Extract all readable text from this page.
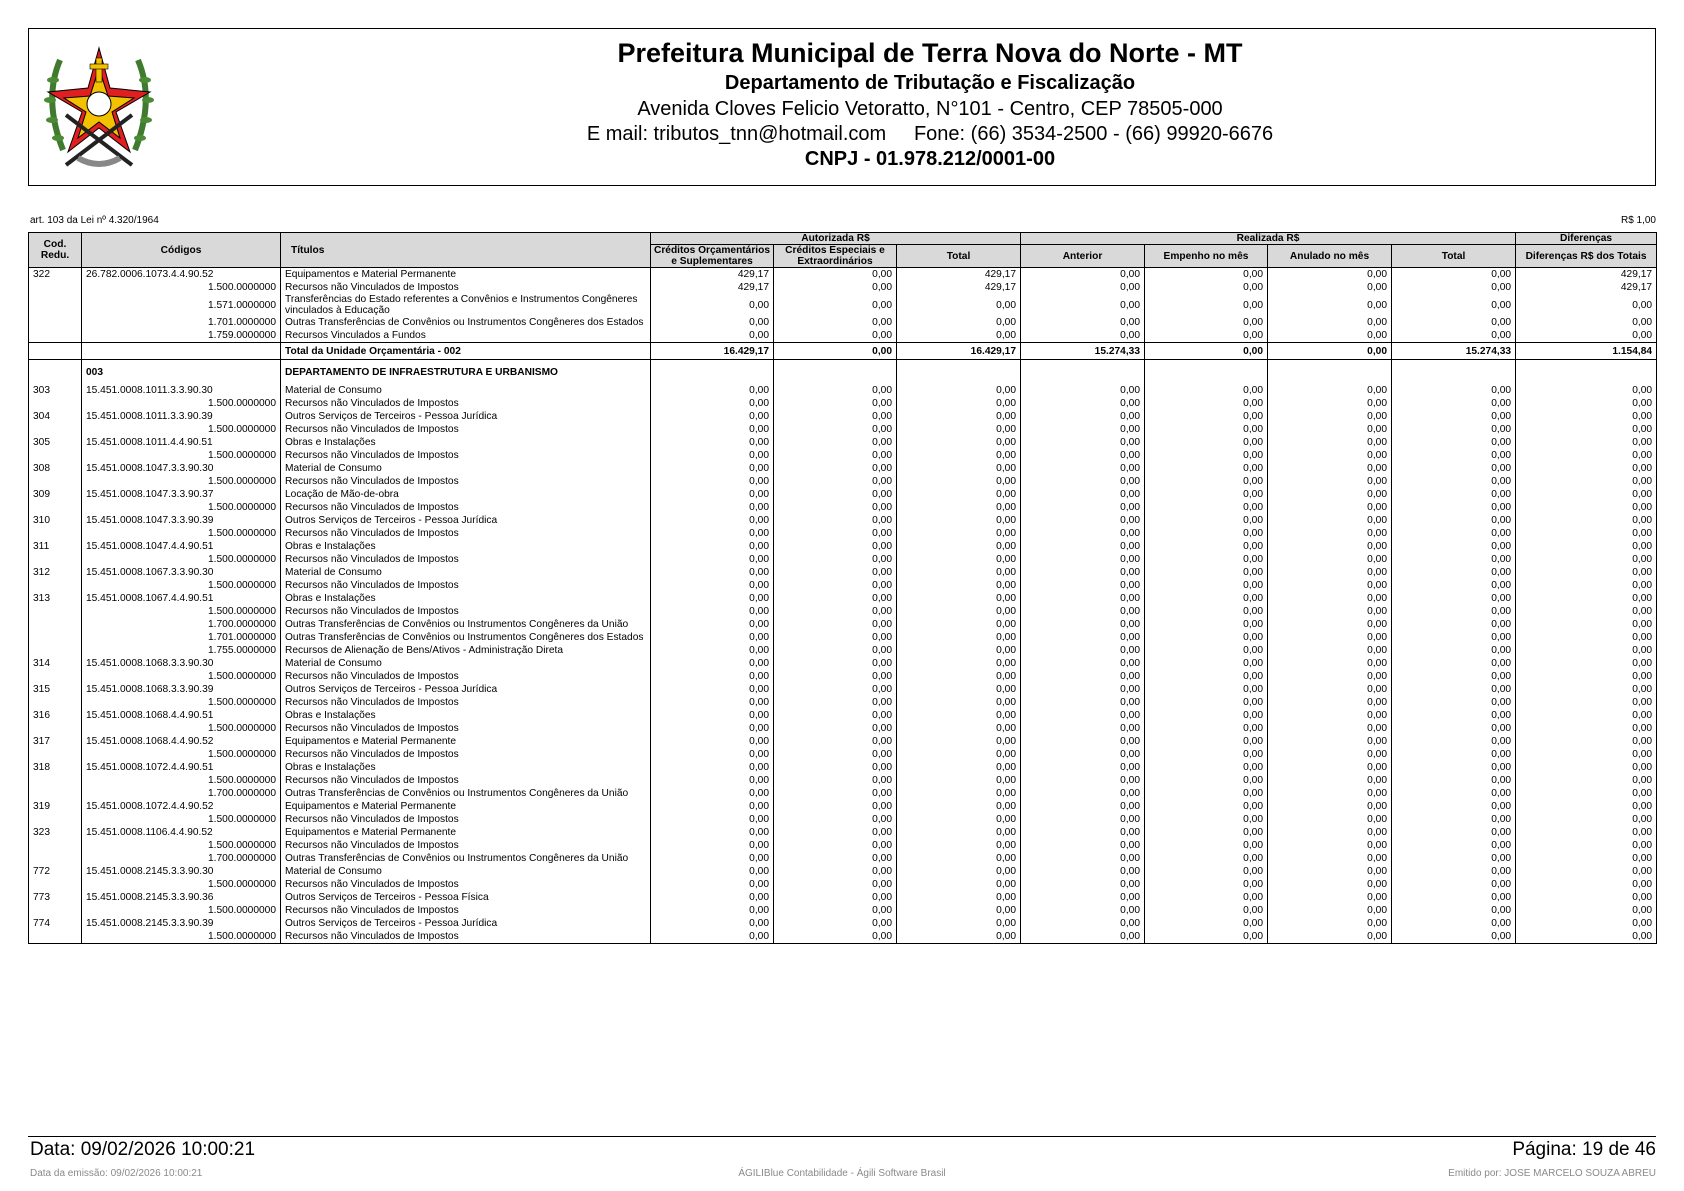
Prefeitura Municipal de Terra Nova do Norte - MT
Departamento de Tributação e Fiscalização
Avenida Cloves Felicio Vetoratto, N°101 - Centro, CEP 78505-000
E mail: tributos_tnn@hotmail.com     Fone: (66) 3534-2500 - (66) 99920-6676
CNPJ - 01.978.212/0001-00
art. 103 da Lei nº 4.320/1964	R$ 1,00
Cod. Redu.	Códigos	Títulos	Autorizada R$			Realizada R$				Diferenças
			Créditos Orçamentários e Suplementares	Créditos Especiais e Extraordinários	Total	Anterior	Empenho no mês	Anulado no mês	Total	Diferenças R$ dos Totais
322	26.782.0006.1073.4.4.90.52	Equipamentos e Material Permanente	429,17	0,00	429,17	0,00	0,00	0,00	0,00	429,17
	1.500.0000000	Recursos não Vinculados de Impostos	429,17	0,00	429,17	0,00	0,00	0,00	0,00	429,17
	1.571.0000000	Transferências do Estado referentes a Convênios e Instrumentos Congêneres vinculados à Educação	0,00	0,00	0,00	0,00	0,00	0,00	0,00	0,00
	1.701.0000000	Outras Transferências de Convênios ou Instrumentos Congêneres dos Estados	0,00	0,00	0,00	0,00	0,00	0,00	0,00	0,00
	1.759.0000000	Recursos Vinculados a Fundos	0,00	0,00	0,00	0,00	0,00	0,00	0,00	0,00
		Total da Unidade Orçamentária - 002	16.429,17	0,00	16.429,17	15.274,33	0,00	0,00	15.274,33	1.154,84
	003	DEPARTAMENTO DE INFRAESTRUTURA E URBANISMO								
303	15.451.0008.1011.3.3.90.30	Material de Consumo	0,00	0,00	0,00	0,00	0,00	0,00	0,00	0,00
	1.500.0000000	Recursos não Vinculados de Impostos	0,00	0,00	0,00	0,00	0,00	0,00	0,00	0,00
304	15.451.0008.1011.3.3.90.39	Outros Serviços de Terceiros - Pessoa Jurídica	0,00	0,00	0,00	0,00	0,00	0,00	0,00	0,00
	1.500.0000000	Recursos não Vinculados de Impostos	0,00	0,00	0,00	0,00	0,00	0,00	0,00	0,00
305	15.451.0008.1011.4.4.90.51	Obras e Instalações	0,00	0,00	0,00	0,00	0,00	0,00	0,00	0,00
	1.500.0000000	Recursos não Vinculados de Impostos	0,00	0,00	0,00	0,00	0,00	0,00	0,00	0,00
308	15.451.0008.1047.3.3.90.30	Material de Consumo	0,00	0,00	0,00	0,00	0,00	0,00	0,00	0,00
	1.500.0000000	Recursos não Vinculados de Impostos	0,00	0,00	0,00	0,00	0,00	0,00	0,00	0,00
309	15.451.0008.1047.3.3.90.37	Locação de Mão-de-obra	0,00	0,00	0,00	0,00	0,00	0,00	0,00	0,00
	1.500.0000000	Recursos não Vinculados de Impostos	0,00	0,00	0,00	0,00	0,00	0,00	0,00	0,00
310	15.451.0008.1047.3.3.90.39	Outros Serviços de Terceiros - Pessoa Jurídica	0,00	0,00	0,00	0,00	0,00	0,00	0,00	0,00
	1.500.0000000	Recursos não Vinculados de Impostos	0,00	0,00	0,00	0,00	0,00	0,00	0,00	0,00
311	15.451.0008.1047.4.4.90.51	Obras e Instalações	0,00	0,00	0,00	0,00	0,00	0,00	0,00	0,00
	1.500.0000000	Recursos não Vinculados de Impostos	0,00	0,00	0,00	0,00	0,00	0,00	0,00	0,00
312	15.451.0008.1067.3.3.90.30	Material de Consumo	0,00	0,00	0,00	0,00	0,00	0,00	0,00	0,00
	1.500.0000000	Recursos não Vinculados de Impostos	0,00	0,00	0,00	0,00	0,00	0,00	0,00	0,00
313	15.451.0008.1067.4.4.90.51	Obras e Instalações	0,00	0,00	0,00	0,00	0,00	0,00	0,00	0,00
	1.500.0000000	Recursos não Vinculados de Impostos	0,00	0,00	0,00	0,00	0,00	0,00	0,00	0,00
	1.700.0000000	Outras Transferências de Convênios ou Instrumentos Congêneres da União	0,00	0,00	0,00	0,00	0,00	0,00	0,00	0,00
	1.701.0000000	Outras Transferências de Convênios ou Instrumentos Congêneres dos Estados	0,00	0,00	0,00	0,00	0,00	0,00	0,00	0,00
	1.755.0000000	Recursos de Alienação de Bens/Ativos - Administração Direta	0,00	0,00	0,00	0,00	0,00	0,00	0,00	0,00
314	15.451.0008.1068.3.3.90.30	Material de Consumo	0,00	0,00	0,00	0,00	0,00	0,00	0,00	0,00
	1.500.0000000	Recursos não Vinculados de Impostos	0,00	0,00	0,00	0,00	0,00	0,00	0,00	0,00
315	15.451.0008.1068.3.3.90.39	Outros Serviços de Terceiros - Pessoa Jurídica	0,00	0,00	0,00	0,00	0,00	0,00	0,00	0,00
	1.500.0000000	Recursos não Vinculados de Impostos	0,00	0,00	0,00	0,00	0,00	0,00	0,00	0,00
316	15.451.0008.1068.4.4.90.51	Obras e Instalações	0,00	0,00	0,00	0,00	0,00	0,00	0,00	0,00
	1.500.0000000	Recursos não Vinculados de Impostos	0,00	0,00	0,00	0,00	0,00	0,00	0,00	0,00
317	15.451.0008.1068.4.4.90.52	Equipamentos e Material Permanente	0,00	0,00	0,00	0,00	0,00	0,00	0,00	0,00
	1.500.0000000	Recursos não Vinculados de Impostos	0,00	0,00	0,00	0,00	0,00	0,00	0,00	0,00
318	15.451.0008.1072.4.4.90.51	Obras e Instalações	0,00	0,00	0,00	0,00	0,00	0,00	0,00	0,00
	1.500.0000000	Recursos não Vinculados de Impostos	0,00	0,00	0,00	0,00	0,00	0,00	0,00	0,00
	1.700.0000000	Outras Transferências de Convênios ou Instrumentos Congêneres da União	0,00	0,00	0,00	0,00	0,00	0,00	0,00	0,00
319	15.451.0008.1072.4.4.90.52	Equipamentos e Material Permanente	0,00	0,00	0,00	0,00	0,00	0,00	0,00	0,00
	1.500.0000000	Recursos não Vinculados de Impostos	0,00	0,00	0,00	0,00	0,00	0,00	0,00	0,00
323	15.451.0008.1106.4.4.90.52	Equipamentos e Material Permanente	0,00	0,00	0,00	0,00	0,00	0,00	0,00	0,00
	1.500.0000000	Recursos não Vinculados de Impostos	0,00	0,00	0,00	0,00	0,00	0,00	0,00	0,00
	1.700.0000000	Outras Transferências de Convênios ou Instrumentos Congêneres da União	0,00	0,00	0,00	0,00	0,00	0,00	0,00	0,00
772	15.451.0008.2145.3.3.90.30	Material de Consumo	0,00	0,00	0,00	0,00	0,00	0,00	0,00	0,00
	1.500.0000000	Recursos não Vinculados de Impostos	0,00	0,00	0,00	0,00	0,00	0,00	0,00	0,00
773	15.451.0008.2145.3.3.90.36	Outros Serviços de Terceiros - Pessoa Física	0,00	0,00	0,00	0,00	0,00	0,00	0,00	0,00
	1.500.0000000	Recursos não Vinculados de Impostos	0,00	0,00	0,00	0,00	0,00	0,00	0,00	0,00
774	15.451.0008.2145.3.3.90.39	Outros Serviços de Terceiros - Pessoa Jurídica	0,00	0,00	0,00	0,00	0,00	0,00	0,00	0,00
	1.500.0000000	Recursos não Vinculados de Impostos	0,00	0,00	0,00	0,00	0,00	0,00	0,00	0,00
Data: 09/02/2026 10:00:21	Página: 19 de 46
Data da emissão: 09/02/2026 10:00:21	ÁGILIBlue Contabilidade - Ágili Software Brasil	Emitido por: JOSE MARCELO SOUZA ABREU
